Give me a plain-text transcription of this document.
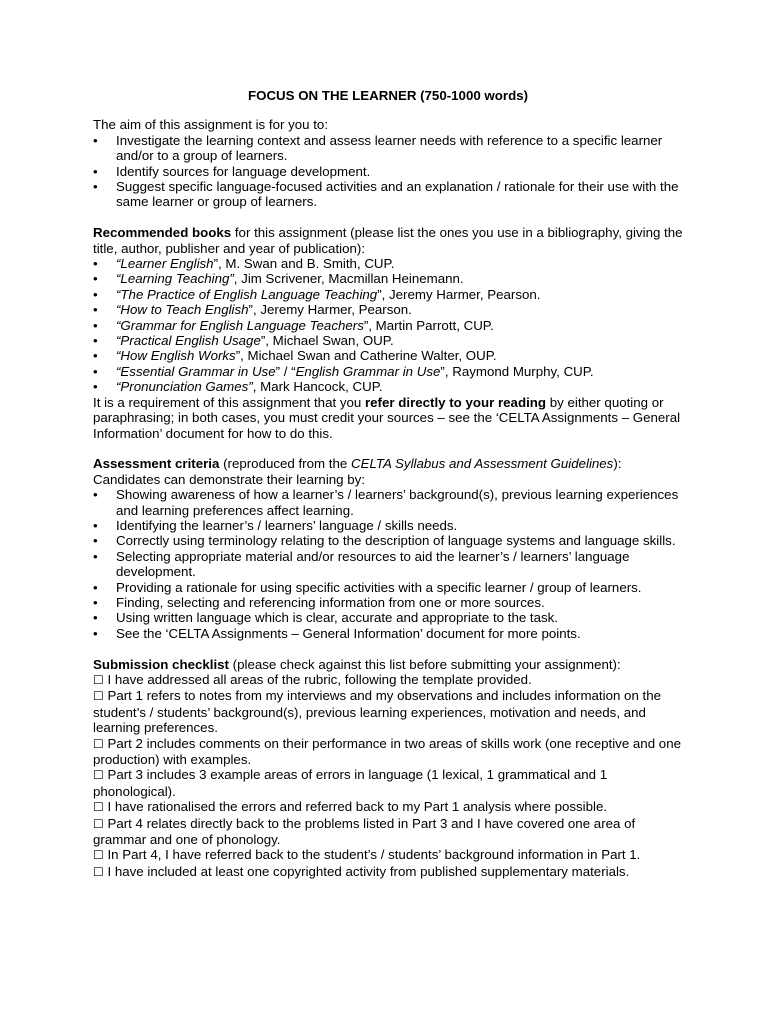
FOCUS ON THE LEARNER (750-1000 words)

The aim of this assignment is for you to:

• Investigate the learning context and assess learner needs with reference to a specific learner and/or to a group of learners.
• Identify sources for language development.
• Suggest specific language-focused activities and an explanation / rationale for their use with the same learner or group of learners.

Recommended books for this assignment (please list the ones you use in a bibliography, giving the title, author, publisher and year of publication):

• “Learner English”, M. Swan and B. Smith, CUP.
• “Learning Teaching”, Jim Scrivener, Macmillan Heinemann.
• “The Practice of English Language Teaching”, Jeremy Harmer, Pearson.
• “How to Teach English”, Jeremy Harmer, Pearson.
• “Grammar for English Language Teachers”, Martin Parrott, CUP.
• “Practical English Usage”, Michael Swan, OUP.
• “How English Works”, Michael Swan and Catherine Walter, OUP.
• “Essential Grammar in Use” / “English Grammar in Use”, Raymond Murphy, CUP.
• “Pronunciation Games”, Mark Hancock, CUP.

It is a requirement of this assignment that you refer directly to your reading by either quoting or paraphrasing; in both cases, you must credit your sources – see the ‘CELTA Assignments – General Information’ document for how to do this.

Assessment criteria (reproduced from the CELTA Syllabus and Assessment Guidelines):

Candidates can demonstrate their learning by:

• Showing awareness of how a learner’s / learners’ background(s), previous learning experiences and learning preferences affect learning.
• Identifying the learner’s / learners’ language / skills needs.
• Correctly using terminology relating to the description of language systems and language skills.
• Selecting appropriate material and/or resources to aid the learner’s / learners’ language development.
• Providing a rationale for using specific activities with a specific learner / group of learners.
• Finding, selecting and referencing information from one or more sources.
• Using written language which is clear, accurate and appropriate to the task.
• See the ‘CELTA Assignments – General Information’ document for more points.

Submission checklist (please check against this list before submitting your assignment):

☐ I have addressed all areas of the rubric, following the template provided.

☐ Part 1 refers to notes from my interviews and my observations and includes information on the student’s / students’ background(s), previous learning experiences, motivation and needs, and learning preferences.

☐ Part 2 includes comments on their performance in two areas of skills work (one receptive and one production) with examples.

☐ Part 3 includes 3 example areas of errors in language (1 lexical, 1 grammatical and 1 phonological).

☐ I have rationalised the errors and referred back to my Part 1 analysis where possible.

☐ Part 4 relates directly back to the problems listed in Part 3 and I have covered one area of grammar and one of phonology.

☐ In Part 4, I have referred back to the student’s / students’ background information in Part 1.

☐ I have included at least one copyrighted activity from published supplementary materials.
